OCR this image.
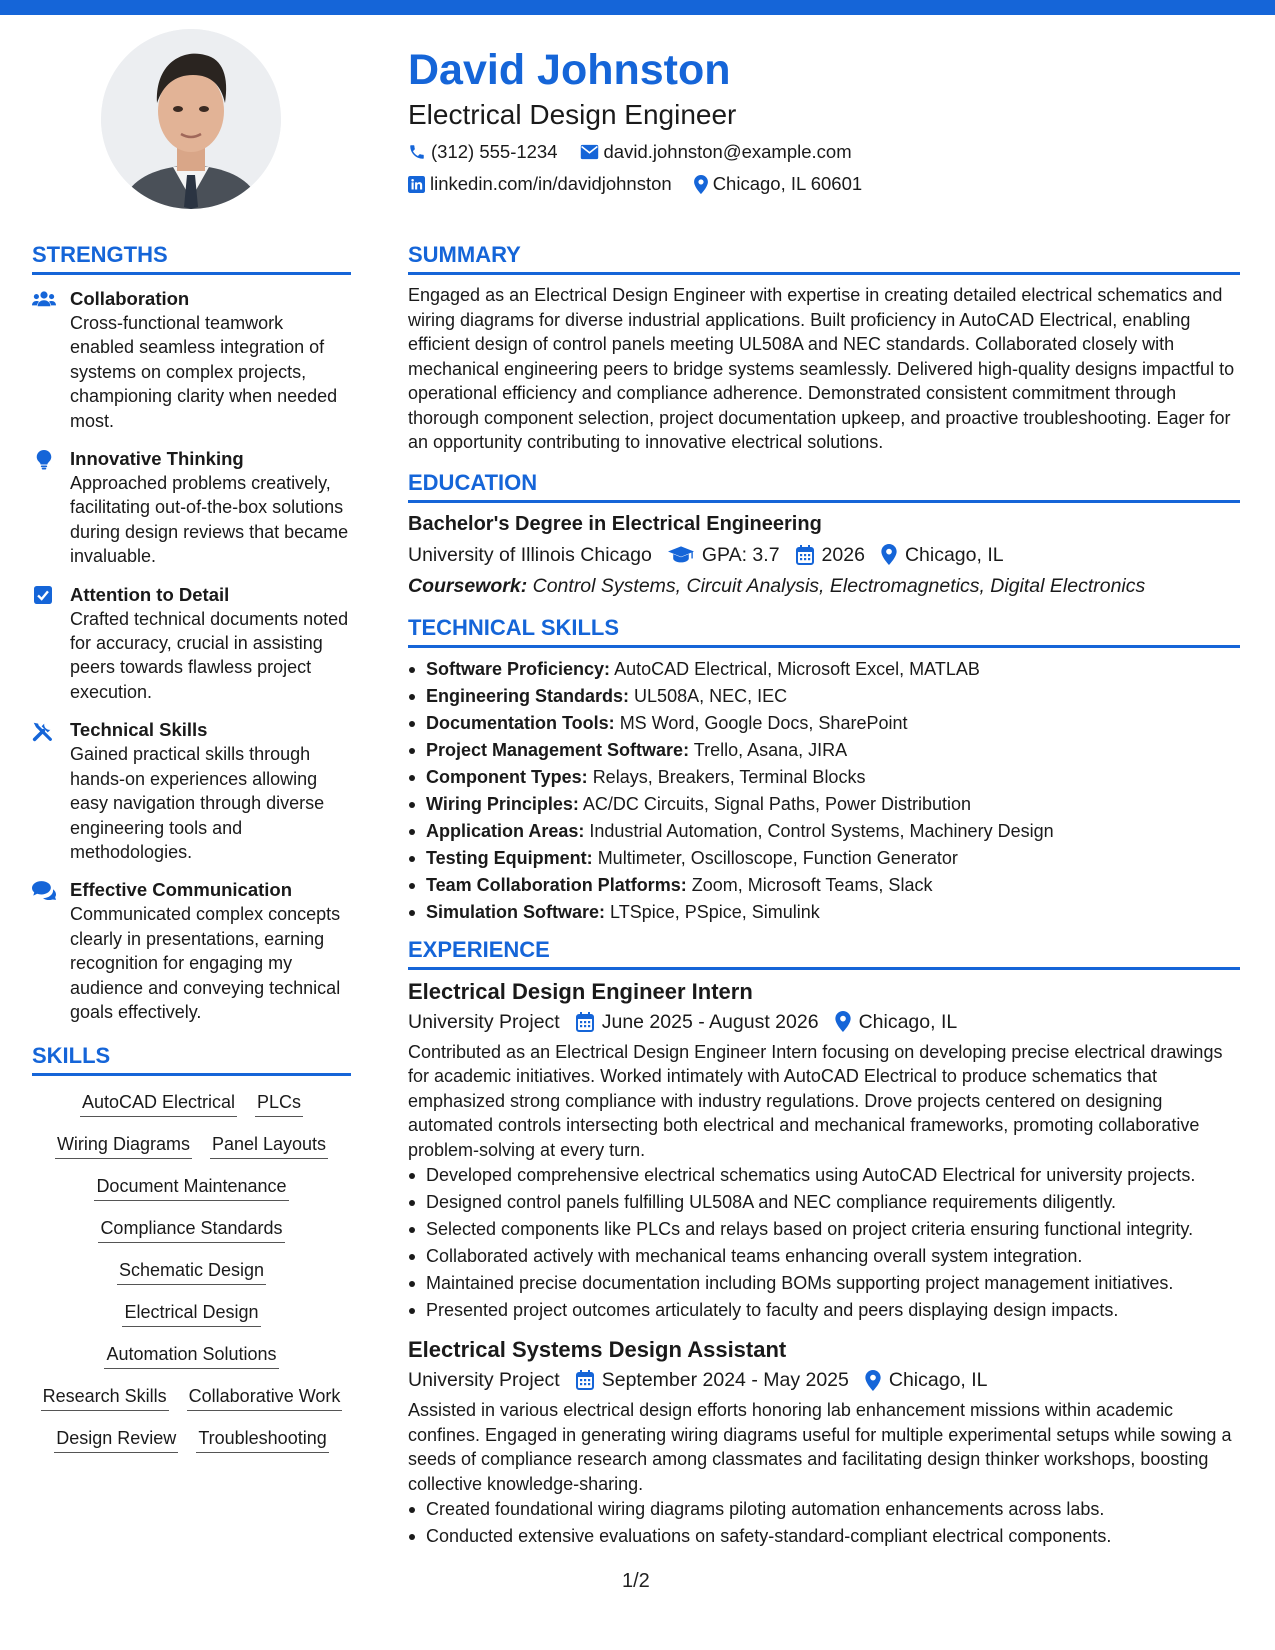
David Johnston
Electrical Design Engineer
(312) 555-1234 david.johnston@example.com
linkedin.com/in/davidjohnston Chicago, IL 60601
STRENGTHS
Collaboration
Cross-functional teamwork enabled seamless integration of systems on complex projects, championing clarity when needed most.
Innovative Thinking
Approached problems creatively, facilitating out-of-the-box solutions during design reviews that became invaluable.
Attention to Detail
Crafted technical documents noted for accuracy, crucial in assisting peers towards flawless project execution.
Technical Skills
Gained practical skills through hands-on experiences allowing easy navigation through diverse engineering tools and methodologies.
Effective Communication
Communicated complex concepts clearly in presentations, earning recognition for engaging my audience and conveying technical goals effectively.
SKILLS
AutoCAD Electrical PLCs
Wiring Diagrams Panel Layouts
Document Maintenance
Compliance Standards
Schematic Design
Electrical Design
Automation Solutions
Research Skills Collaborative Work
Design Review Troubleshooting
SUMMARY
Engaged as an Electrical Design Engineer with expertise in creating detailed electrical schematics and wiring diagrams for diverse industrial applications. Built proficiency in AutoCAD Electrical, enabling efficient design of control panels meeting UL508A and NEC standards. Collaborated closely with mechanical engineering peers to bridge systems seamlessly. Delivered high-quality designs impactful to operational efficiency and compliance adherence. Demonstrated consistent commitment through thorough component selection, project documentation upkeep, and proactive troubleshooting. Eager for an opportunity contributing to innovative electrical solutions.
EDUCATION
Bachelor's Degree in Electrical Engineering
University of Illinois Chicago	GPA: 3.7 2026 Chicago, IL
Coursework: Control Systems, Circuit Analysis, Electromagnetics, Digital Electronics
TECHNICAL SKILLS
Software Proficiency: AutoCAD Electrical, Microsoft Excel, MATLAB
Engineering Standards: UL508A, NEC, IEC
Documentation Tools: MS Word, Google Docs, SharePoint
Project Management Software: Trello, Asana, JIRA
Component Types: Relays, Breakers, Terminal Blocks
Wiring Principles: AC/DC Circuits, Signal Paths, Power Distribution
Application Areas: Industrial Automation, Control Systems, Machinery Design
Testing Equipment: Multimeter, Oscilloscope, Function Generator
Team Collaboration Platforms: Zoom, Microsoft Teams, Slack
Simulation Software: LTSpice, PSpice, Simulink
EXPERIENCE
Electrical Design Engineer Intern
University Project June 2025 - August 2026 Chicago, IL
Contributed as an Electrical Design Engineer Intern focusing on developing precise electrical drawings for academic initiatives. Worked intimately with AutoCAD Electrical to produce schematics that emphasized strong compliance with industry regulations. Drove projects centered on designing automated controls intersecting both electrical and mechanical frameworks, promoting collaborative problem-solving at every turn.
Developed comprehensive electrical schematics using AutoCAD Electrical for university projects.
Designed control panels fulfilling UL508A and NEC compliance requirements diligently.
Selected components like PLCs and relays based on project criteria ensuring functional integrity.
Collaborated actively with mechanical teams enhancing overall system integration.
Maintained precise documentation including BOMs supporting project management initiatives.
Presented project outcomes articulately to faculty and peers displaying design impacts.
Electrical Systems Design Assistant
University Project September 2024 - May 2025 Chicago, IL
Assisted in various electrical design efforts honoring lab enhancement missions within academic confines. Engaged in generating wiring diagrams useful for multiple experimental setups while sowing a seeds of compliance research among classmates and facilitating design thinker workshops, boosting collective knowledge-sharing.
Created foundational wiring diagrams piloting automation enhancements across labs.
Conducted extensive evaluations on safety-standard-compliant electrical components.
1/2
